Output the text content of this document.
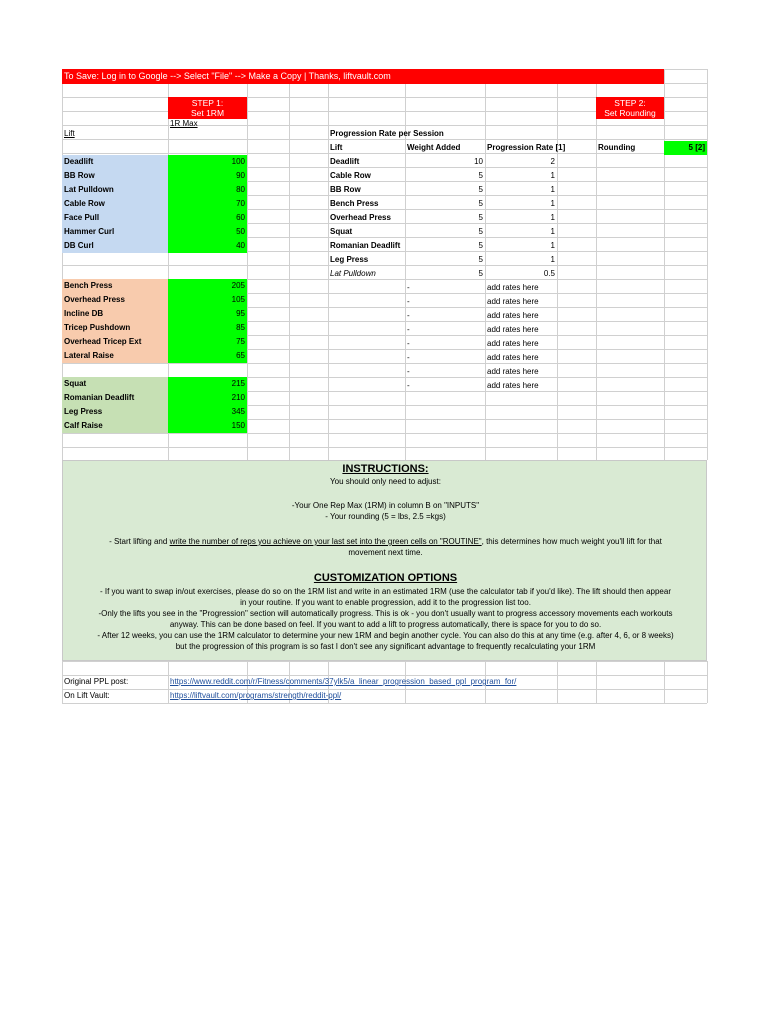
To Save: Log in to Google --> Select "File" --> Make a Copy | Thanks, liftvault.com
STEP 1:
Set 1RM
1R Max
STEP 2:
Set Rounding
Lift
Deadlift	100
BB Row	90
Lat Pulldown	80
Cable Row	70
Face Pull	60
Hammer Curl	50
DB Curl	40
Bench Press	205
Overhead Press	105
Incline DB	95
Tricep Pushdown	85
Overhead Tricep Ext	75
Lateral Raise	65
Squat	215
Romanian Deadlift	210
Leg Press	345
Calf Raise	150
Progression Rate per Session
Lift	Weight Added	Progression Rate [1]	Rounding	5 [2]
Deadlift	10	2
Cable Row	5	1
BB Row	5	1
Bench Press	5	1
Overhead Press	5	1
Squat	5	1
Romanian Deadlift	5	1
Leg Press	5	1
Lat Pulldown	5	0.5
-	add rates here
-	add rates here
-	add rates here
-	add rates here
-	add rates here
-	add rates here
-	add rates here
-	add rates here
INSTRUCTIONS:
You should only need to adjust:
-Your One Rep Max (1RM) in column B on "INPUTS"
- Your rounding (5 = lbs, 2.5 =kgs)
- Start lifting and write the number of reps you achieve on your last set into the green cells on "ROUTINE", this determines how much weight you'll lift for that
movement next time.
CUSTOMIZATION OPTIONS
- If you want to swap in/out exercises, please do so on the 1RM list and write in an estimated 1RM (use the calculator tab if you'd like). The lift should then appear
in your routine. If you want to enable progression, add it to the progression list too.
-Only the lifts you see in the "Progression" section will automatically progress. This is ok - you don't usually want to progress accessory movements each workouts
anyway. This can be done based on feel. If you want to add a lift to progress automatically, there is space for you to do so.
- After 12 weeks, you can use the 1RM calculator to determine your new 1RM and begin another cycle. You can also do this at any time (e.g. after 4, 6, or 8 weeks)
but the progression of this program is so fast I don't see any significant advantage to frequently recalculating your 1RM
Original PPL post:	https://www.reddit.com/r/Fitness/comments/37ylk5/a_linear_progression_based_ppl_program_for/
On Lift Vault:	https://liftvault.com/programs/strength/reddit-ppl/
